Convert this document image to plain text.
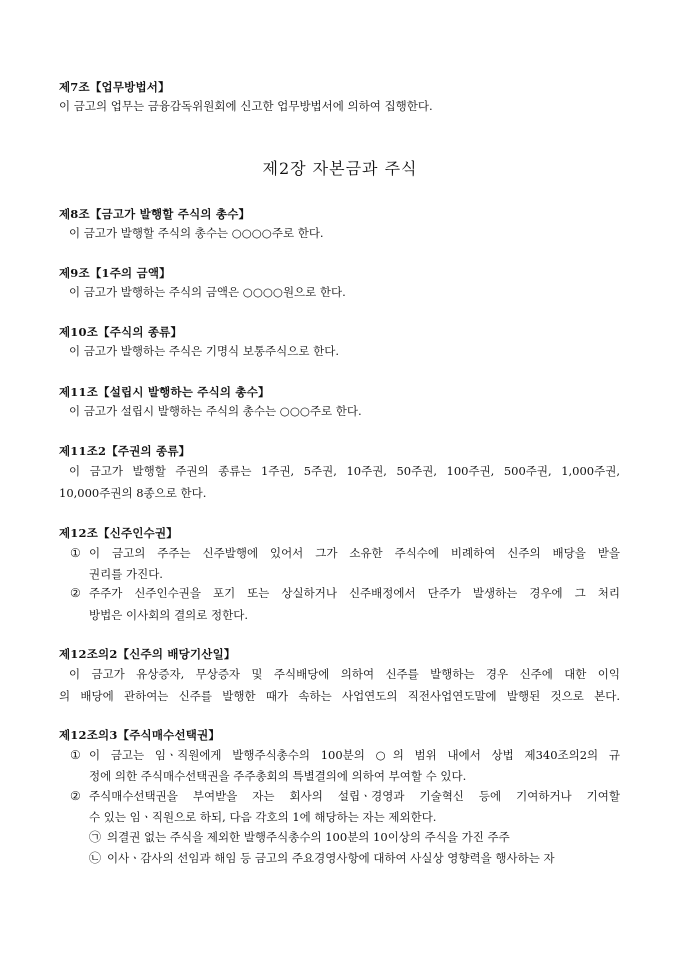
제7조【업무방법서】
이 금고의 업무는 금융감독위원회에 신고한 업무방법서에 의하여 집행한다.
제2장 자본금과 주식
제8조【금고가 발행할 주식의 총수】
이 금고가 발행할 주식의 총수는 ○○○○주로 한다.
제9조【1주의 금액】
이 금고가 발행하는 주식의 금액은 ○○○○원으로 한다.
제10조【주식의 종류】
이 금고가 발행하는 주식은 기명식 보통주식으로 한다.
제11조【설립시 발행하는 주식의 총수】
이 금고가 설립시 발행하는 주식의 총수는 ○○○주로 한다.
제11조2【주권의 종류】
이 금고가 발행할 주권의 종류는 1주권, 5주권, 10주권, 50주권, 100주권, 500주권, 1,000주권,
10,000주권의 8종으로 한다.
제12조【신주인수권】
① 이 금고의 주주는 신주발행에 있어서 그가 소유한 주식수에 비례하여 신주의 배당을 받을
권리를 가진다.
② 주주가 신주인수권을 포기 또는 상실하거나 신주배정에서 단주가 발생하는 경우에 그 처리
방법은 이사회의 결의로 정한다.
제12조의2【신주의 배당기산일】
이 금고가 유상증자, 무상증자 및 주식배당에 의하여 신주를 발행하는 경우 신주에 대한 이익
의 배당에 관하여는 신주를 발행한 때가 속하는 사업연도의 직전사업연도말에 발행된 것으로 본다.
제12조의3【주식매수선택권】
① 이 금고는 임ㆍ직원에게 발행주식총수의 100분의 ○의 범위 내에서 상법 제340조의2의 규
정에 의한 주식매수선택권을 주주총회의 특별결의에 의하여 부여할 수 있다.
② 주식매수선택권을 부여받을 자는 회사의 설립ㆍ경영과 기술혁신 등에 기여하거나 기여할
수 있는 임ㆍ직원으로 하되, 다음 각호의 1에 해당하는 자는 제외한다.
㉠ 의결권 없는 주식을 제외한 발행주식총수의 100분의 10이상의 주식을 가진 주주
㉡ 이사ㆍ감사의 선임과 해임 등 금고의 주요경영사항에 대하여 사실상 영향력을 행사하는 자
